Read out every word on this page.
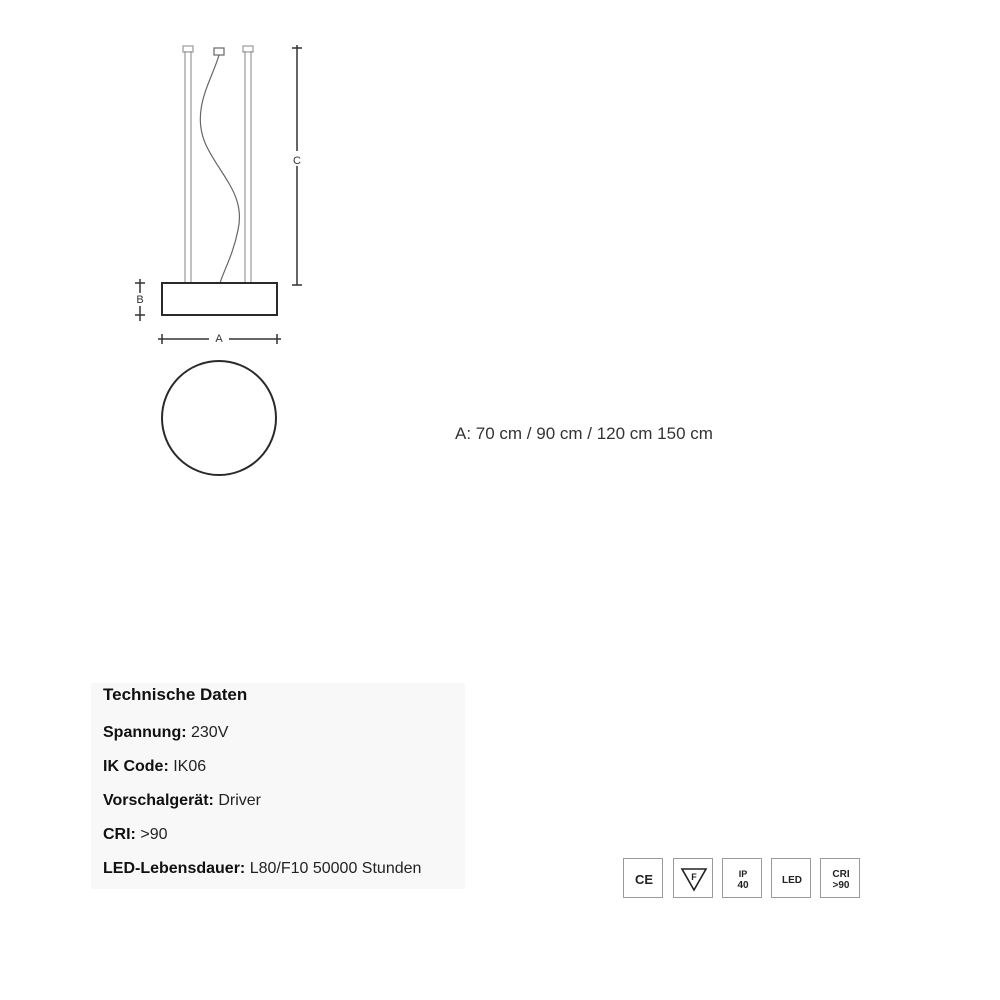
C
B
A
A: 70 cm / 90 cm / 120 cm 150 cm
Technische Daten
Spannung: 230V
IK Code: IK06
Vorschalgerät: Driver
CRI: >90
LED-Lebensdauer: L80/F10 50000 Stunden
CE	F	IP
40	LED
CRI
>90
